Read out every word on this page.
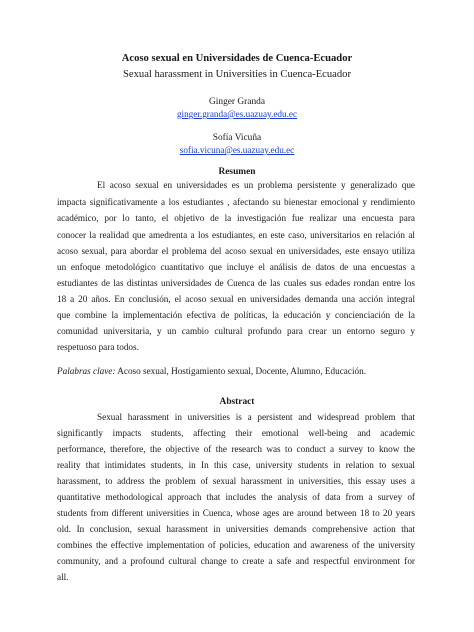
Acoso sexual en Universidades de Cuenca-Ecuador
Sexual harassment in Universities in Cuenca-Ecuador
Ginger Granda
ginger.granda@es.uazuay.edu.ec
Sofía Vicuña
sofia.vicuna@es.uazuay.edu.ec
Resumen
El acoso sexual en universidades es un problema persistente y generalizado que
impacta significativamente a los estudiantes , afectando su bienestar emocional y rendimiento
académico, por lo tanto, el objetivo de la investigación fue realizar una encuesta para
conocer la realidad que amedrenta a los estudiantes, en este caso, universitarios en relación al
acoso sexual, para abordar el problema del acoso sexual en universidades, este ensayo utiliza
un enfoque metodológico cuantitativo que incluye el análisis de datos de una encuestas a
estudiantes de las distintas universidades de Cuenca de las cuales sus edades rondan entre los
18 a 20 años. En conclusión, el acoso sexual en universidades demanda una acción integral
que combine la implementación efectiva de políticas, la educación y concienciación de la
comunidad universitaria, y un cambio cultural profundo para crear un entorno seguro y
respetuoso para todos.
Palabras clave: Acoso sexual, Hostigamiento sexual, Docente, Alumno, Educación.
Abstract
Sexual harassment in universities is a persistent and widespread problem that
significantly impacts students, affecting their emotional well-being and academic
performance, therefore, the objective of the research was to conduct a survey to know the
reality that intimidates students, in In this case, university students in relation to sexual
harassment, to address the problem of sexual harassment in universities, this essay uses a
quantitative methodological approach that includes the analysis of data from a survey of
students from different universities in Cuenca, whose ages are around between 18 to 20 years
old. In conclusion, sexual harassment in universities demands comprehensive action that
combines the effective implementation of policies, education and awareness of the university
community, and a profound cultural change to create a safe and respectful environment for
all.
